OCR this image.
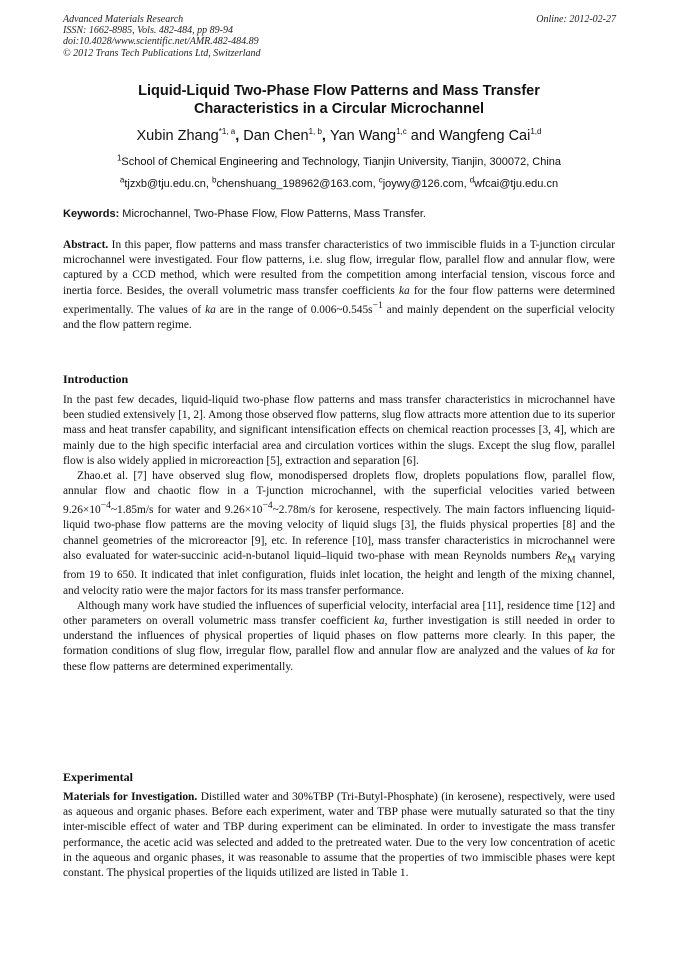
Advanced Materials Research
ISSN: 1662-8985, Vols. 482-484, pp 89-94
doi:10.4028/www.scientific.net/AMR.482-484.89
© 2012 Trans Tech Publications Ltd, Switzerland
Online: 2012-02-27
Liquid-Liquid Two-Phase Flow Patterns and Mass Transfer
Characteristics in a Circular Microchannel
Xubin Zhang$^{*1, a}$, Dan Chen$^{1, b}$, Yan Wang$^{1,c}$ and Wangfeng Cai$^{1,d}$
$^1$School of Chemical Engineering and Technology, Tianjin University, Tianjin, 300072, China
$^a$tjzxb@tju.edu.cn, $^b$chenshuang_198962@163.com, $^c$joywy@126.com, $^d$wfcai@tju.edu.cn
Keywords: Microchannel, Two-Phase Flow, Flow Patterns, Mass Transfer.

Abstract. In this paper, flow patterns and mass transfer characteristics of two immiscible fluids in a T-junction circular microchannel were investigated. Four flow patterns, i.e. slug flow, irregular flow, parallel flow and annular flow, were captured by a CCD method, which were resulted from the competition among interfacial tension, viscous force and inertia force. Besides, the overall volumetric mass transfer coefficients ka for the four flow patterns were determined experimentally. The values of ka are in the range of $0.006\sim 0.545s^{-1}$ and mainly dependent on the superficial velocity and the flow pattern regime.

Introduction

In the past few decades, liquid-liquid two-phase flow patterns and mass transfer characteristics in microchannel have been studied extensively [1, 2]. Among those observed flow patterns, slug flow attracts more attention due to its superior mass and heat transfer capability, and significant intensification effects on chemical reaction processes [3, 4], which are mainly due to the high specific interfacial area and circulation vortices within the slugs. Except the slug flow, parallel flow is also widely applied in microreaction [5], extraction and separation [6].

Zhao.et al. [7] have observed slug flow, monodispersed droplets flow, droplets populations flow, parallel flow, annular flow and chaotic flow in a T-junction microchannel, with the superficial velocities varied between $9.26\times 10^{-4}\sim 1.85m/s$ for water and $9.26\times 10^{-4}\sim 2.78m/s$ for kerosene, respectively. The main factors influencing liquid-liquid two-phase flow patterns are the moving velocity of liquid slugs [3], the fluids physical properties [8] and the channel geometries of the microreactor [9], etc. In reference [10], mass transfer characteristics in microchannel were also evaluated for water-succinic acid-n-butanol liquid–liquid two-phase with mean Reynolds numbers $Re_M$ varying from 19 to 650. It indicated that inlet configuration, fluids inlet location, the height and length of the mixing channel, and velocity ratio were the major factors for its mass transfer performance.

Although many work have studied the influences of superficial velocity, interfacial area [11], residence time [12] and other parameters on overall volumetric mass transfer coefficient ka, further investigation is still needed in order to understand the influences of physical properties of liquid phases on flow patterns more clearly. In this paper, the formation conditions of slug flow, irregular flow, parallel flow and annular flow are analyzed and the values of ka for these flow patterns are determined experimentally.

Experimental

Materials for Investigation. Distilled water and 30%TBP (Tri-Butyl-Phosphate) (in kerosene), respectively, were used as aqueous and organic phases. Before each experiment, water and TBP phase were mutually saturated so that the tiny inter-miscible effect of water and TBP during experiment can be eliminated. In order to investigate the mass transfer performance, the acetic acid was selected and added to the pretreated water. Due to the very low concentration of acetic in the aqueous and organic phases, it was reasonable to assume that the properties of two immiscible phases were kept constant. The physical properties of the liquids utilized are listed in Table 1.
